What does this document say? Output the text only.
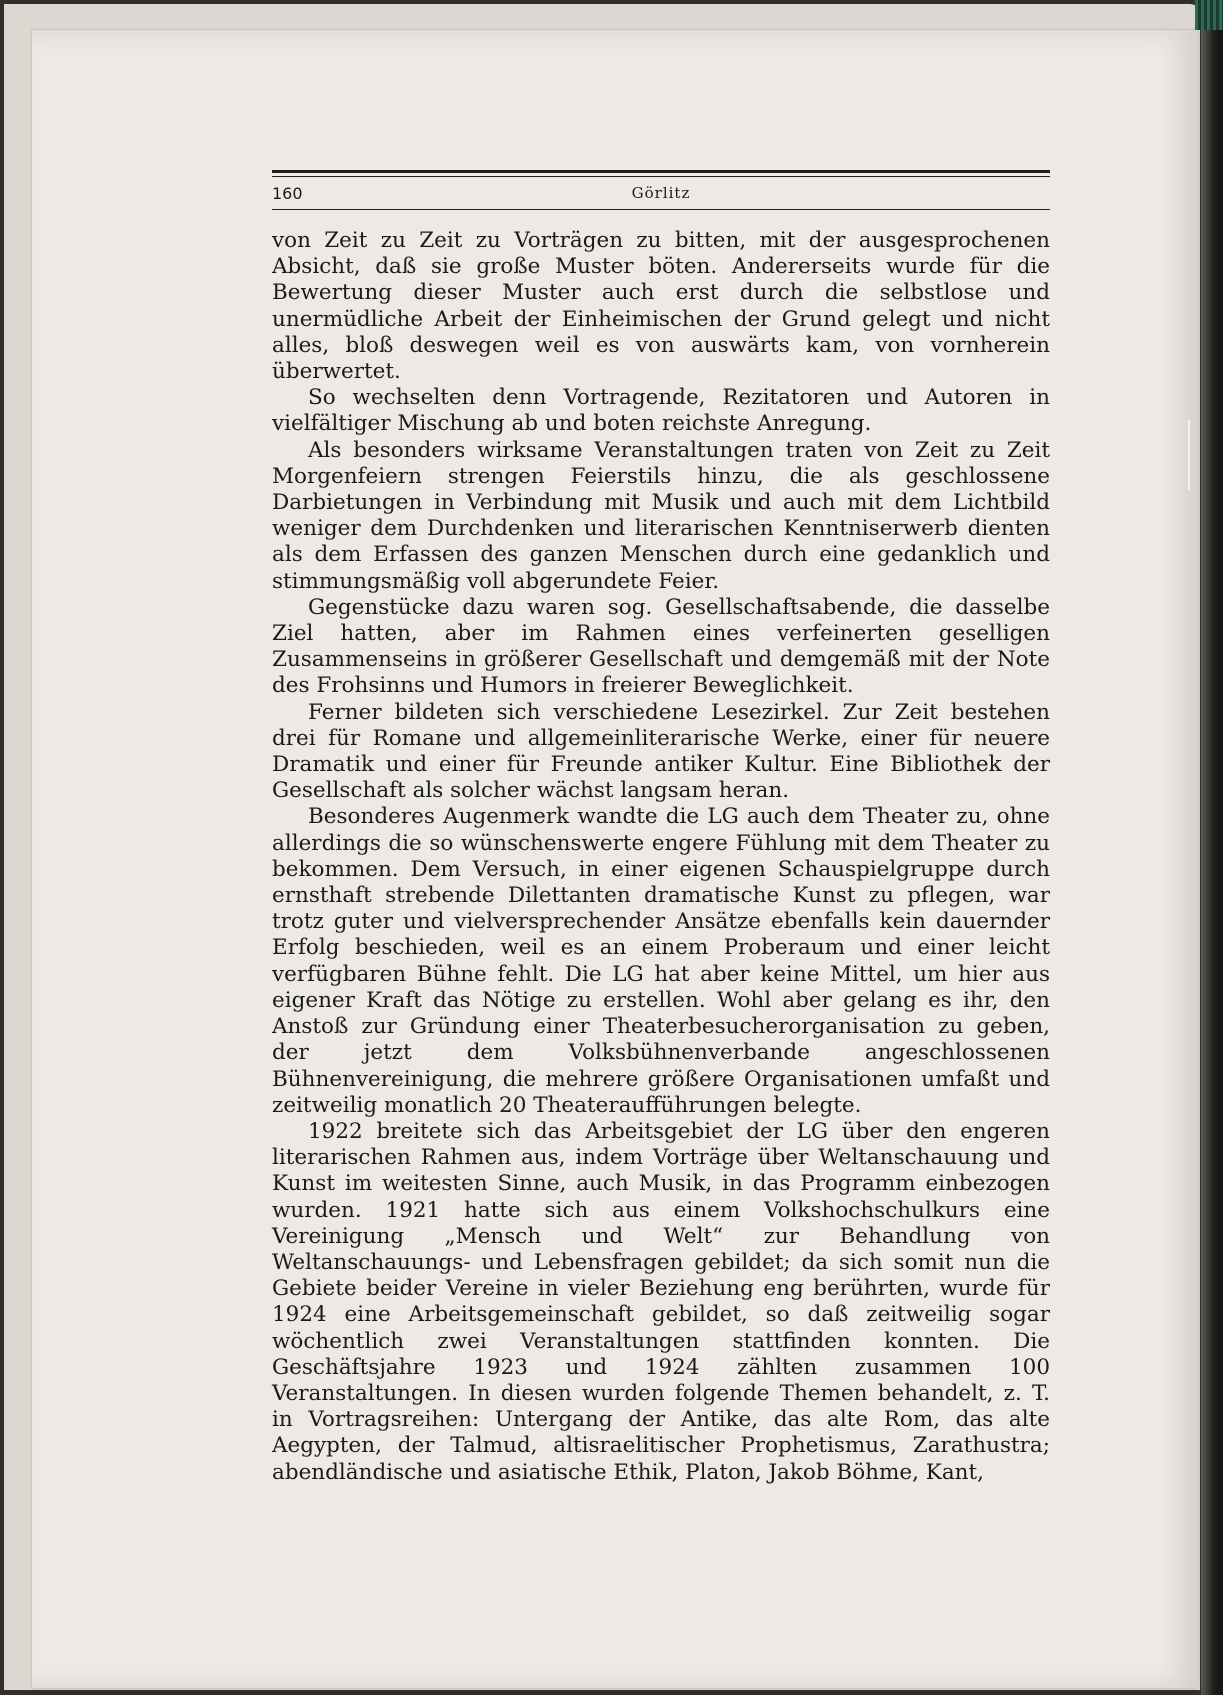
160	Görlitz

von Zeit zu Zeit zu Vorträgen zu bitten, mit der ausgesprochenen Absicht, daß sie große Muster böten. Andererseits wurde für die Bewertung dieser Muster auch erst durch die selbstlose und unermüdliche Arbeit der Einheimischen der Grund gelegt und nicht alles, bloß deswegen weil es von auswärts kam, von vornherein überwertet.

So wechselten denn Vortragende, Rezitatoren und Autoren in vielfältiger Mischung ab und boten reichste Anregung.

Als besonders wirksame Veranstaltungen traten von Zeit zu Zeit Morgenfeiern strengen Feierstils hinzu, die als geschlossene Darbietungen in Verbindung mit Musik und auch mit dem Lichtbild weniger dem Durchdenken und literarischen Kenntniserwerb dienten als dem Erfassen des ganzen Menschen durch eine gedanklich und stimmungsmäßig voll abgerundete Feier.

Gegenstücke dazu waren sog. Gesellschaftsabende, die dasselbe Ziel hatten, aber im Rahmen eines verfeinerten geselligen Zusammenseins in größerer Gesellschaft und demgemäß mit der Note des Frohsinns und Humors in freierer Beweglichkeit.

Ferner bildeten sich verschiedene Lesezirkel. Zur Zeit bestehen drei für Romane und allgemeinliterarische Werke, einer für neuere Dramatik und einer für Freunde antiker Kultur. Eine Bibliothek der Gesellschaft als solcher wächst langsam heran.

Besonderes Augenmerk wandte die LG auch dem Theater zu, ohne allerdings die so wünschenswerte engere Fühlung mit dem Theater zu bekommen. Dem Versuch, in einer eigenen Schauspielgruppe durch ernsthaft strebende Dilettanten dramatische Kunst zu pflegen, war trotz guter und vielversprechender Ansätze ebenfalls kein dauernder Erfolg beschieden, weil es an einem Proberaum und einer leicht verfügbaren Bühne fehlt. Die LG hat aber keine Mittel, um hier aus eigener Kraft das Nötige zu erstellen. Wohl aber gelang es ihr, den Anstoß zur Gründung einer Theaterbesucherorganisation zu geben, der jetzt dem Volksbühnenverbande angeschlossenen Bühnenvereinigung, die mehrere größere Organisationen umfaßt und zeitweilig monatlich 20 Theateraufführungen belegte.

1922 breitete sich das Arbeitsgebiet der LG über den engeren literarischen Rahmen aus, indem Vorträge über Weltanschauung und Kunst im weitesten Sinne, auch Musik, in das Programm einbezogen wurden. 1921 hatte sich aus einem Volkshochschulkurs eine Vereinigung „Mensch und Welt“ zur Behandlung von Weltanschauungs- und Lebensfragen gebildet; da sich somit nun die Gebiete beider Vereine in vieler Beziehung eng berührten, wurde für 1924 eine Arbeitsgemeinschaft gebildet, so daß zeitweilig sogar wöchentlich zwei Veranstaltungen stattfinden konnten. Die Geschäftsjahre 1923 und 1924 zählten zusammen 100 Veranstaltungen. In diesen wurden folgende Themen behandelt, z. T. in Vortragsreihen: Untergang der Antike, das alte Rom, das alte Aegypten, der Talmud, altisraelitischer Prophetismus, Zarathustra; abendländische und asiatische Ethik, Platon, Jakob Böhme, Kant,
